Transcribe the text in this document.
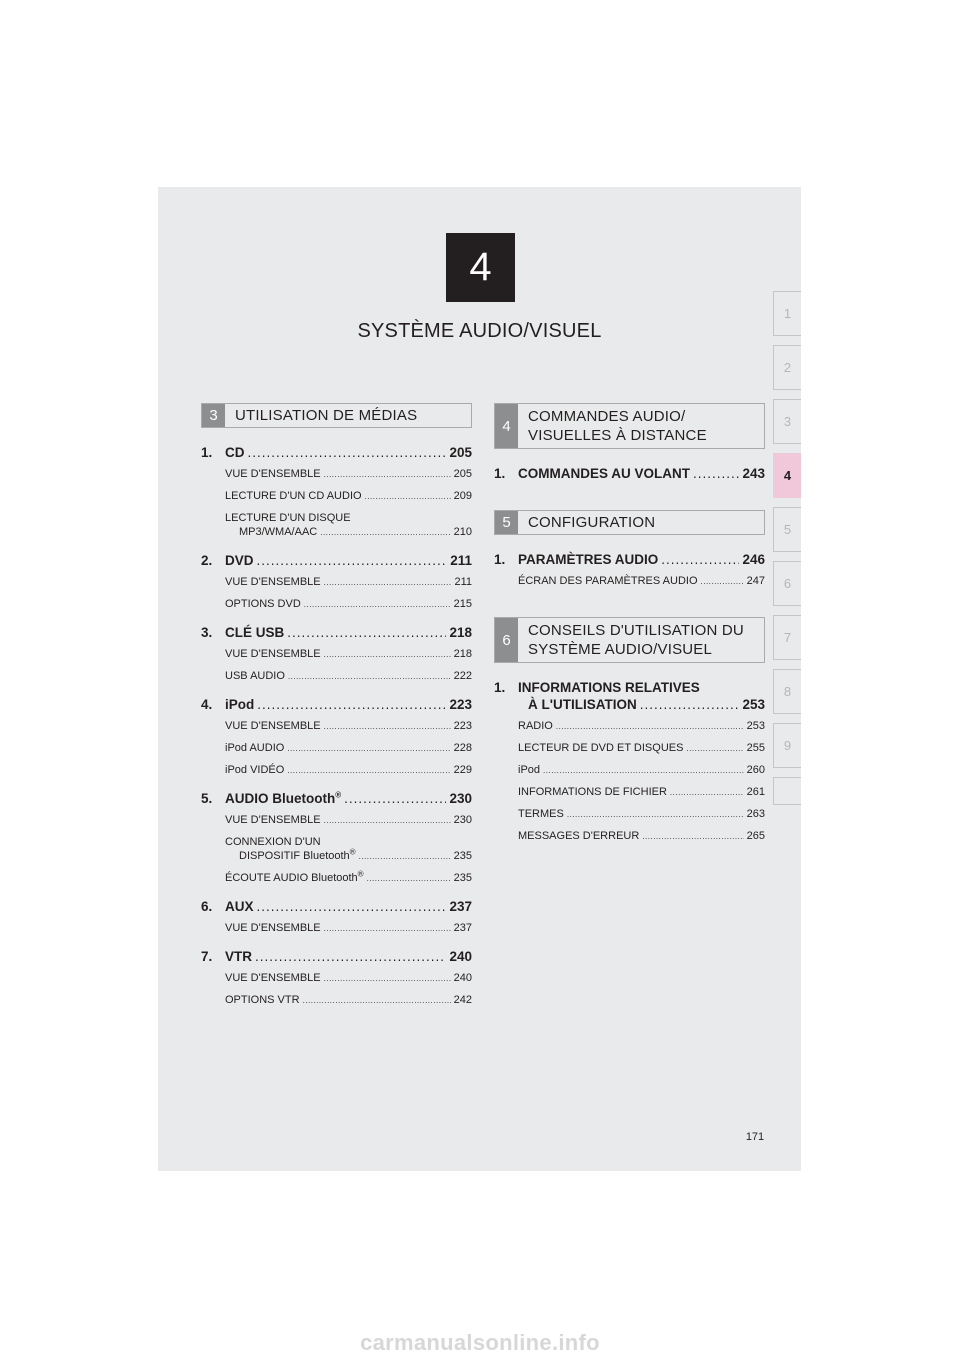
4
SYSTÈME AUDIO/VISUEL
1
2
3
4
5
6
7
8
9
3	UTILISATION DE MÉDIAS
1. CD .....	205
VUE D'ENSEMBLE .....	205
LECTURE D'UN CD AUDIO .....	209
LECTURE D'UN DISQUE
MP3/WMA/AAC .....	210
2. DVD .....	211
VUE D'ENSEMBLE .....	211
OPTIONS DVD .....	215
3. CLÉ USB .....	218
VUE D'ENSEMBLE .....	218
USB AUDIO .....	222
4. iPod .....	223
VUE D'ENSEMBLE .....	223
iPod AUDIO .....	228
iPod VIDÉO .....	229
5. AUDIO Bluetooth® .....	230
VUE D'ENSEMBLE .....	230
CONNEXION D'UN
DISPOSITIF Bluetooth® .....	235
ÉCOUTE AUDIO Bluetooth® .....	235
6. AUX .....	237
VUE D'ENSEMBLE .....	237
7. VTR .....	240
VUE D'ENSEMBLE .....	240
OPTIONS VTR .....	242
4
COMMANDES AUDIO/
VISUELLES À DISTANCE
1. COMMANDES AU VOLANT .....	243
5	CONFIGURATION
1. PARAMÈTRES AUDIO .....	246
ÉCRAN DES PARAMÈTRES AUDIO .....	247
6
CONSEILS D'UTILISATION DU
SYSTÈME AUDIO/VISUEL
1. INFORMATIONS RELATIVES
À L'UTILISATION .....	253
RADIO .....	253
LECTEUR DE DVD ET DISQUES .....	255
iPod .....	260
INFORMATIONS DE FICHIER .....	261
TERMES .....	263
MESSAGES D'ERREUR .....	265
171
carmanualsonline.info
